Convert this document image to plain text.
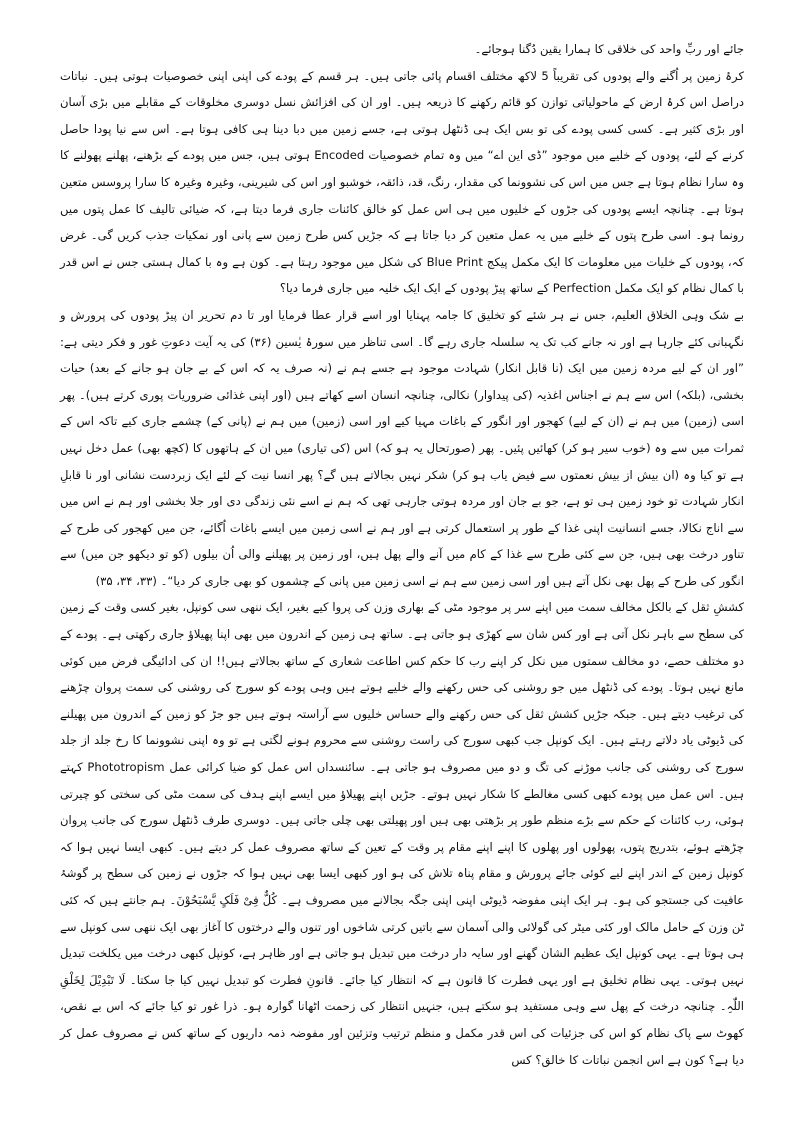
جائے اور ربِّ واحد کی خلاقی کا ہمارا یقین دُگنا ہوجائے۔

کرۂ زمین پر اُگنے والے پودوں کی تقریباً 5 لاکھ مختلف اقسام پائی جاتی ہیں۔ ہر قسم کے پودے کی اپنی اپنی خصوصیات ہوتی ہیں۔ نباتات دراصل اس کرۂ ارض کے ماحولیاتی توازن کو قائم رکھنے کا ذریعہ ہیں۔ اور ان کی افزائش نسل دوسری مخلوقات کے مقابلے میں بڑی آسان اور بڑی کثیر ہے۔ کسی کسی پودے کی تو بس ایک ہی ڈنٹھل ہوتی ہے، جسے زمین میں دبا دینا ہی کافی ہوتا ہے۔ اس سے نیا پودا حاصل کرنے کے لئے، پودوں کے خلیے میں موجود ”ڈی این اے“ میں وہ تمام خصوصیات Encoded ہوتی ہیں، جس میں پودے کے بڑھنے، پھلنے پھولنے کا وہ سارا نظام ہوتا ہے جس میں اس کی نشوونما کی مقدار، رنگ، قد، ذائقہ، خوشبو اور اس کی شیرینی، وغیرہ وغیرہ کا سارا پروسس متعین ہوتا ہے۔ چنانچہ ایسے پودوں کی جڑوں کے خلیوں میں ہی اس عمل کو خالق کائنات جاری فرما دیتا ہے، کہ ضیائی تالیف کا عمل پتوں میں رونما ہو۔ اسی طرح پتوں کے خلیے میں یہ عمل متعین کر دیا جاتا ہے کہ جڑیں کس طرح زمین سے پانی اور نمکیات جذب کریں گی۔ غرض کہ، پودوں کے خلیات میں معلومات کا ایک مکمل پیکج Blue Print کی شکل میں موجود رہتا ہے۔ کون ہے وہ با کمال ہستی جس نے اس قدر با کمال نظام کو ایک مکمل Perfection کے ساتھ پیڑ پودوں کے ایک ایک خلیہ میں جاری فرما دیا؟

بے شک وہی الخلاق العلیم، جس نے ہر شئے کو تخلیق کا جامہ پہنایا اور اسے قرار عطا فرمایا اور تا دم تحریر ان پیڑ پودوں کی پرورش و نگہبانی کئے جارہا ہے اور نہ جانے کب تک یہ سلسلہ جاری رہے گا۔ اسی تناظر میں سورۂ یٰسین (۳۶) کی یہ آیت دعوتِ غور و فکر دیتی ہے: ”اور ان کے لیے مردہ زمین میں ایک (نا قابل انکار) شہادت موجود ہے جسے ہم نے (نہ صرف یہ کہ اس کے بے جان ہو جانے کے بعد) حیات بخشی، (بلکہ) اس سے ہم نے اجناس اغذیہ (کی پیداوار) نکالی، چنانچہ انسان اسے کھاتے ہیں (اور اپنی غذائی ضروریات پوری کرتے ہیں)۔ پھر اسی (زمین) میں ہم نے (ان کے لیے) کھجور اور انگور کے باغات مہیا کیے اور اسی (زمین) میں ہم نے (پانی کے) چشمے جاری کیے تاکہ اس کے ثمرات میں سے وہ (خوب سیر ہو کر) کھائیں پئیں۔ پھر (صورتحال یہ ہو کہ) اس (کی تیاری) میں ان کے ہاتھوں کا (کچھ بھی) عمل دخل نہیں ہے تو کیا وہ (ان بیش از بیش نعمتوں سے فیض یاب ہو کر) شکر نہیں بجالاتے ہیں گے؟ پھر انسا نیت کے لئے ایک زبردست نشانی اور نا قابلِ انکار شہادت تو خود زمین ہی تو ہے، جو بے جان اور مردہ ہوتی جارہی تھی کہ ہم نے اسے نئی زندگی دی اور جلا بخشی اور ہم نے اس میں سے اناج نکالا، جسے انسانیت اپنی غذا کے طور پر استعمال کرتی ہے اور ہم نے اسی زمین میں ایسے باغات اُگائے، جن میں کھجور کی طرح کے تناور درخت بھی ہیں، جن سے کئی طرح سے غذا کے کام میں آنے والے پھل ہیں، اور زمین پر پھیلنے والی اُن بیلوں (کو تو دیکھو جن میں) سے انگور کی طرح کے پھل بھی نکل آتے ہیں اور اسی زمین سے ہم نے اسی زمین میں پانی کے چشموں کو بھی جاری کر دیا“۔ (۳۳، ۳۴، ۳۵)

کششِ ثقل کے بالکل مخالف سمت میں اپنے سر پر موجود مٹی کے بھاری وزن کی پروا کیے بغیر، ایک ننھی سی کونپل، بغیر کسی وقت کے زمین کی سطح سے باہر نکل آتی ہے اور کس شان سے کھڑی ہو جاتی ہے۔ ساتھ ہی زمین کے اندرون میں بھی اپنا پھیلاؤ جاری رکھتی ہے۔ پودے کے دو مختلف حصے، دو مخالف سمتوں میں نکل کر اپنے رب کا حکم کس اطاعت شعاری کے ساتھ بجالاتے ہیں!! ان کی ادائیگی فرض میں کوئی مانع نہیں ہوتا۔ پودے کی ڈنٹھل میں جو روشنی کی حس رکھنے والے خلیے ہوتے ہیں وہی پودے کو سورج کی روشنی کی سمت پروان چڑھنے کی ترغیب دیتے ہیں۔ جبکہ جڑیں کشش ثقل کی حس رکھنے والے حساس خلیوں سے آراستہ ہوتے ہیں جو جڑ کو زمین کے اندرون میں پھیلنے کی ڈیوٹی یاد دلاتے رہتے ہیں۔ ایک کونپل جب کبھی سورج کی راست روشنی سے محروم ہونے لگتی ہے تو وہ اپنی نشوونما کا رخ جلد از جلد سورج کی روشنی کی جانب موڑنے کی تگ و دو میں مصروف ہو جاتی ہے۔ سائنسداں اس عمل کو ضیا کرائی عمل Phototropism کہتے ہیں۔ اس عمل میں پودے کبھی کسی مغالطے کا شکار نہیں ہوتے۔ جڑیں اپنے پھیلاؤ میں ایسے اپنے ہدف کی سمت مٹی کی سختی کو چیرتی ہوئی، رب کائنات کے حکم سے بڑے منظم طور پر بڑھتی بھی ہیں اور پھیلتی بھی چلی جاتی ہیں۔ دوسری طرف ڈنٹھل سورج کی جانب پروان چڑھتے ہوئے، بتدریج پتوں، پھولوں اور پھلوں کا اپنے اپنے مقام پر وقت کے تعین کے ساتھ مصروف عمل کر دیتے ہیں۔ کبھی ایسا نہیں ہوا کہ کونپل زمین کے اندر اپنے لیے کوئی جائے پرورش و مقام پناہ تلاش کی ہو اور کبھی ایسا بھی نہیں ہوا کہ جڑوں نے زمین کی سطح پر گوشۂ عافیت کی جستجو کی ہو۔ ہر ایک اپنی مفوضہ ڈیوٹی اپنی اپنی جگہ بجالانے میں مصروف ہے۔ کُلٌّ فِیْ فَلَکٍ یَّسْبَحُوْنَ۔ ہم جانتے ہیں کہ کئی ٹن وزن کے حامل مالک اور کئی میٹر کی گولائی والی آسمان سے باتیں کرتی شاخوں اور تنوں والے درختوں کا آغاز بھی ایک ننھی سی کونپل سے ہی ہوتا ہے۔ یہی کونپل ایک عظیم الشان گھنے اور سایہ دار درخت میں تبدیل ہو جاتی ہے اور ظاہر ہے، کونپل کبھی درخت میں یکلخت تبدیل نہیں ہوتی۔ یہی نظام تخلیق ہے اور یہی فطرت کا قانون ہے کہ انتظار کیا جائے۔ قانونِ فطرت کو تبدیل نہیں کیا جا سکتا۔ لَا تَبْدِیْلَ لِخَلْقِ اللّٰہِ۔ چنانچہ درخت کے پھل سے وہی مستفید ہو سکتے ہیں، جنہیں انتظار کی زحمت اٹھانا گوارہ ہو۔ ذرا غور تو کیا جائے کہ اس بے نقص، کھوٹ سے پاک نظام کو اس کی جزئیات کی اس قدر مکمل و منظم ترتیب وتزئین اور مفوضہ ذمہ داریوں کے ساتھ کس نے مصروف عمل کر دیا ہے؟ کون ہے اس انجمن نباتات کا خالق؟ کس
